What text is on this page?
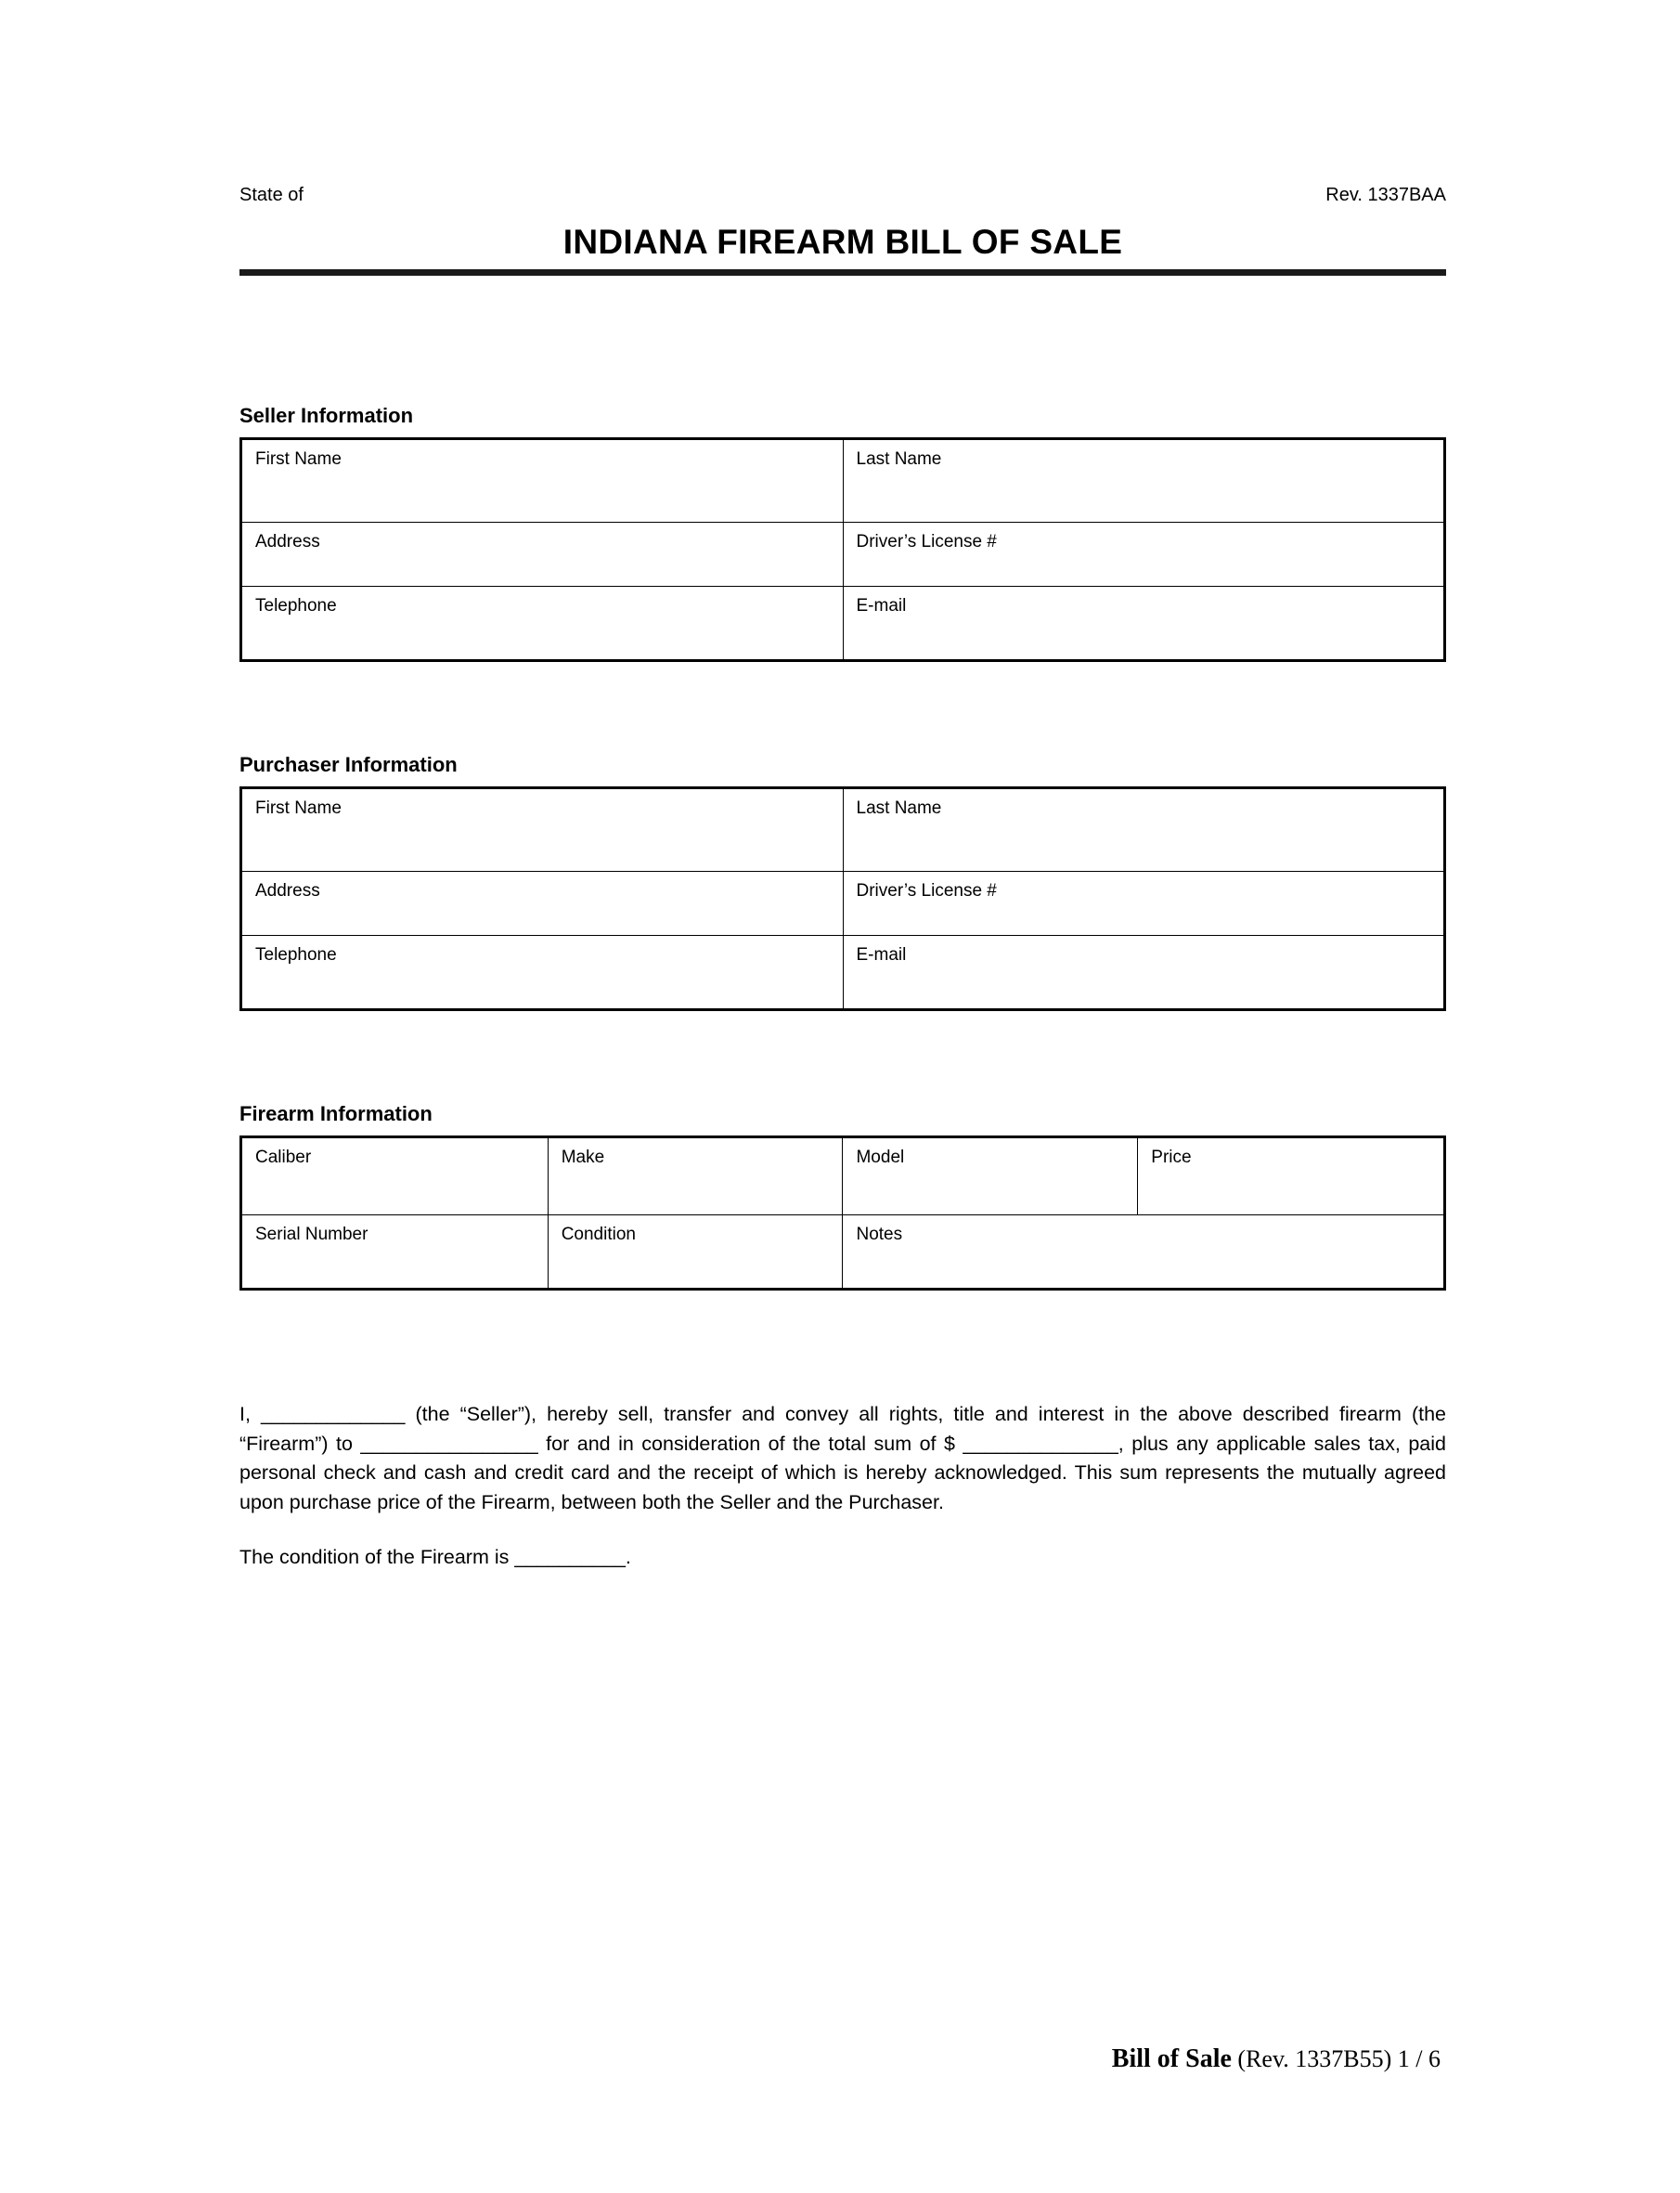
State of	Rev. 1337BAA
INDIANA FIREARM BILL OF SALE
Seller Information
First Name	Last Name
Address	Driver’s License #
Telephone	E-mail
Purchaser Information
First Name	Last Name
Address	Driver’s License #
Telephone	E-mail
Firearm Information
Caliber	Make	Model	Price
Serial Number	Condition	Notes	

I, _____________ (the “Seller”), hereby sell, transfer and convey all rights, title and interest in the above described firearm (the “Firearm”) to ________________ for and in consideration of the total sum of $ ______________, plus any applicable sales tax, paid personal check and cash and credit card and the receipt of which is hereby acknowledged. This sum represents the mutually agreed upon purchase price of the Firearm, between both the Seller and the Purchaser.

The condition of the Firearm is __________.

Bill of Sale (Rev. 1337B55) 1 / 6
